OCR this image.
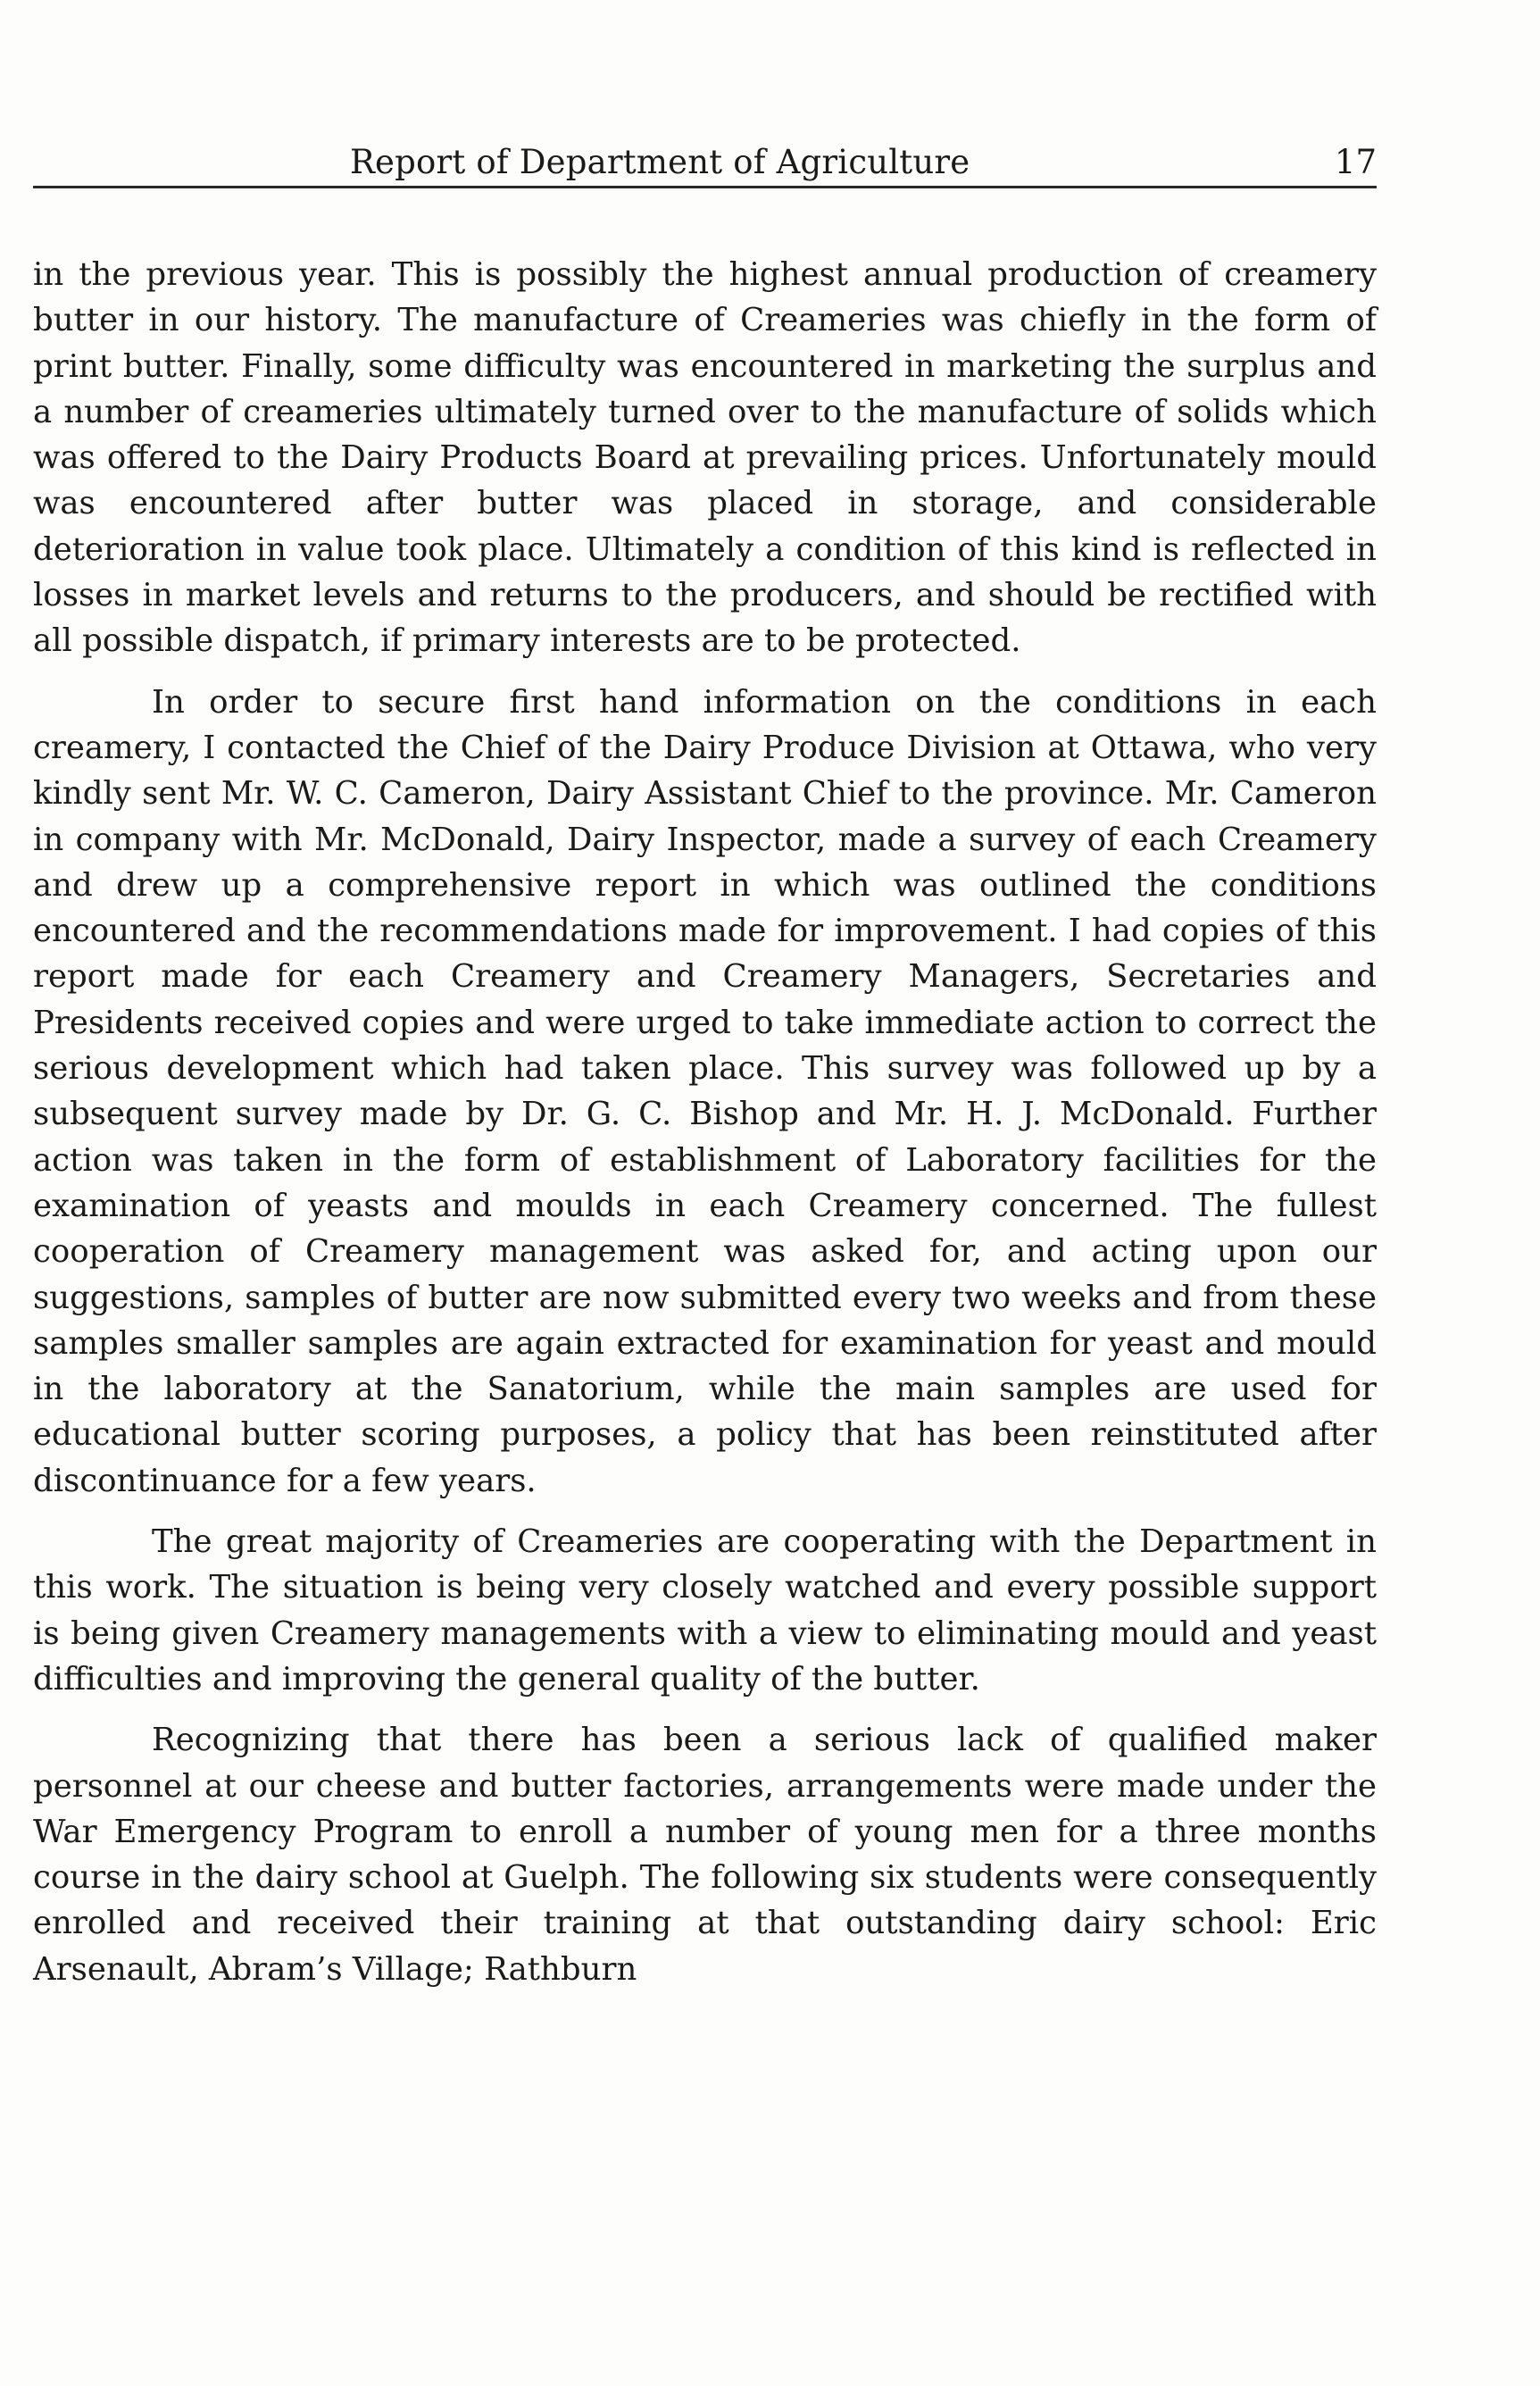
Report of Department of Agriculture	17

in the previous year. This is possibly the highest annual production of creamery butter in our history. The manufacture of Creameries was chiefly in the form of print butter. Finally, some difficulty was encountered in marketing the surplus and a number of creameries ultimately turned over to the manufacture of solids which was offered to the Dairy Products Board at prevailing prices. Unfortunately mould was encountered after butter was placed in storage, and considerable deterioration in value took place. Ultimately a condition of this kind is reflected in losses in market levels and returns to the producers, and should be rectified with all possible dispatch, if primary interests are to be protected.

In order to secure first hand information on the conditions in each creamery, I contacted the Chief of the Dairy Produce Division at Ottawa, who very kindly sent Mr. W. C. Cameron, Dairy Assistant Chief to the province. Mr. Cameron in company with Mr. McDonald, Dairy Inspector, made a survey of each Creamery and drew up a comprehensive report in which was outlined the conditions encountered and the recommendations made for improvement. I had copies of this report made for each Creamery and Creamery Managers, Secretaries and Presidents received copies and were urged to take immediate action to correct the serious development which had taken place. This survey was followed up by a subsequent survey made by Dr. G. C. Bishop and Mr. H. J. McDonald. Further action was taken in the form of establishment of Laboratory facilities for the examination of yeasts and moulds in each Creamery concerned. The fullest cooperation of Creamery management was asked for, and acting upon our suggestions, samples of butter are now submitted every two weeks and from these samples smaller samples are again extracted for examination for yeast and mould in the laboratory at the Sanatorium, while the main samples are used for educational butter scoring purposes, a policy that has been reinstituted after discontinuance for a few years.

The great majority of Creameries are cooperating with the Department in this work. The situation is being very closely watched and every possible support is being given Creamery managements with a view to eliminating mould and yeast difficulties and improving the general quality of the butter.

Recognizing that there has been a serious lack of qualified maker personnel at our cheese and butter factories, arrangements were made under the War Emergency Program to enroll a number of young men for a three months course in the dairy school at Guelph. The following six students were consequently enrolled and received their training at that outstanding dairy school: Eric Arsenault, Abram’s Village; Rathburn
